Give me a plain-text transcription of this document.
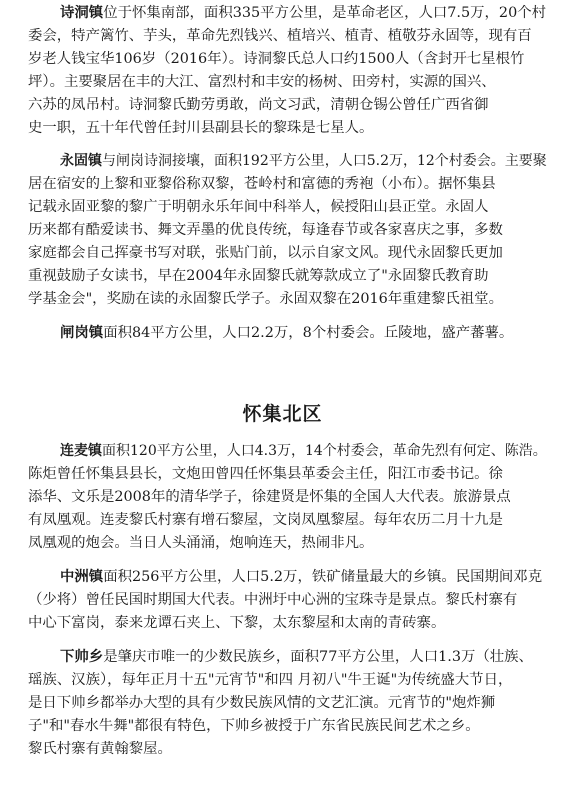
诗洞镇位于怀集南部，面积335平方公里，是革命老区，人口7.5万，20个村
委会，特产篱竹、芋头，革命先烈钱兴、植培兴、植青、植敬芬永固等，现有百
岁老人钱宝华106岁（2016年）。诗洞黎氏总人口约1500人（含封开七星根竹
坪）。主要聚居在丰的大江、富烈村和丰安的杨树、田旁村，实源的国兴、
六苏的凤吊村。诗洞黎氏勤劳勇敢，尚文习武，清朝仓锡公曾任广西省御
史一职，五十年代曾任封川县副县长的黎珠是七星人。
永固镇与闸岗诗洞接壤，面积192平方公里，人口5.2万，12个村委会。主要聚
居在宿安的上黎和亚黎俗称双黎，苍岭村和富德的秀袍（小布）。据怀集县
记载永固亚黎的黎广于明朝永乐年间中科举人，候授阳山县正堂。永固人
历来都有酷爱读书、舞文弄墨的优良传统，每逢春节或各家喜庆之事，多数
家庭都会自己挥豪书写对联，张贴门前，以示自家文风。现代永固黎氏更加
重视鼓励子女读书，早在2004年永固黎氏就筹款成立了"永固黎氏教育助
学基金会"，奖励在读的永固黎氏学子。永固双黎在2016年重建黎氏祖堂。
闸岗镇面积84平方公里，人口2.2万，8个村委会。丘陵地，盛产蕃薯。
怀集北区
连麦镇面积120平方公里，人口4.3万，14个村委会，革命先烈有何定、陈浩。
陈炬曾任怀集县县长，文炮田曾四任怀集县革委会主任，阳江市委书记。徐
添华、文乐是2008年的清华学子，徐建贤是怀集的全国人大代表。旅游景点
有凤凰观。连麦黎氏村寨有增石黎屋，文岗凤凰黎屋。每年农历二月十九是
凤凰观的炮会。当日人头涌涌，炮响连天，热闹非凡。
中洲镇面积256平方公里，人口5.2万，铁矿储量最大的乡镇。民国期间邓克
（少将）曾任民国时期国大代表。中洲圩中心洲的宝珠寺是景点。黎氏村寨有
中心下富岗，泰来龙谭石夹上、下黎，太东黎屋和太南的青砖寨。
下帅乡是肇庆市唯一的少数民族乡，面积77平方公里，人口1.3万（壮族、
瑶族、汉族），每年正月十五"元宵节"和四 月初八"牛王诞"为传统盛大节日，
是日下帅乡都举办大型的具有少数民族风情的文艺汇演。元宵节的"炮炸狮
子"和"春水牛舞"都很有特色，下帅乡被授于广东省民族民间艺术之乡。
黎氏村寨有黄翰黎屋。
